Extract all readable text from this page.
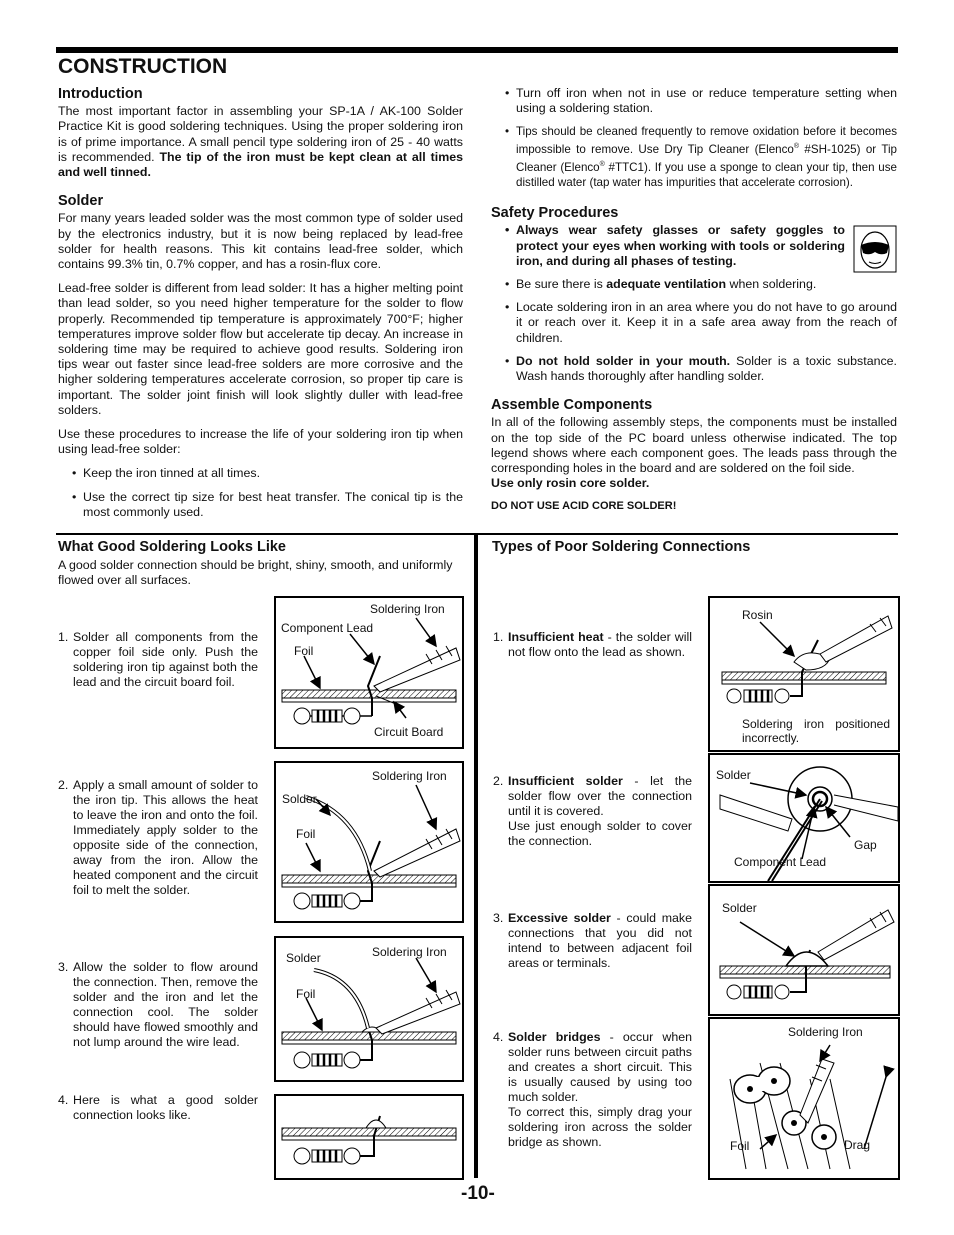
CONSTRUCTION
Introduction

The most important factor in assembling your SP-1A / AK-100 Solder Practice Kit is good soldering techniques. Using the proper soldering iron is of prime importance. A small pencil type soldering iron of 25 - 40 watts is recommended. The tip of the iron must be kept clean at all times and well tinned.

Solder

For many years leaded solder was the most common type of solder used by the electronics industry, but it is now being replaced by lead-free solder for health reasons. This kit contains lead-free solder, which contains 99.3% tin, 0.7% copper, and has a rosin-flux core.

Lead-free solder is different from lead solder: It has a higher melting point than lead solder, so you need higher temperature for the solder to flow properly. Recommended tip temperature is approximately 700°F; higher temperatures improve solder flow but accelerate tip decay. An increase in soldering time may be required to achieve good results. Soldering iron tips wear out faster since lead-free solders are more corrosive and the higher soldering temperatures accelerate corrosion, so proper tip care is important. The solder joint finish will look slightly duller with lead-free solders.

Use these procedures to increase the life of your soldering iron tip when using lead-free solder:

• Keep the iron tinned at all times.
• Use the correct tip size for best heat transfer. The conical tip is the most commonly used.
• Turn off iron when not in use or reduce temperature setting when using a soldering station.
• Tips should be cleaned frequently to remove oxidation before it becomes impossible to remove. Use Dry Tip Cleaner (Elenco® #SH-1025) or Tip Cleaner (Elenco® #TTC1). If you use a sponge to clean your tip, then use distilled water (tap water has impurities that accelerate corrosion).
Safety Procedures
• Always wear safety glasses or safety goggles to protect your eyes when working with tools or soldering iron, and during all phases of testing.
• Be sure there is adequate ventilation when soldering.
• Locate soldering iron in an area where you do not have to go around it or reach over it. Keep it in a safe area away from the reach of children.
• Do not hold solder in your mouth. Solder is a toxic substance. Wash hands thoroughly after handling solder.
Assemble Components

In all of the following assembly steps, the components must be installed on the top side of the PC board unless otherwise indicated. The top legend shows where each component goes. The leads pass through the corresponding holes in the board and are soldered on the foil side.
Use only rosin core solder.

DO NOT USE ACID CORE SOLDER!

What Good Soldering Looks Like
A good solder connection should be bright, shiny, smooth, and uniformly flowed over all surfaces.
1. Solder all components from the copper foil side only. Push the soldering iron tip against both the lead and the circuit board foil.
2. Apply a small amount of solder to the iron tip. This allows the heat to leave the iron and onto the foil. Immediately apply solder to the opposite side of the connection, away from the iron. Allow the heated component and the circuit foil to melt the solder.
3. Allow the solder to flow around the connection. Then, remove the solder and the iron and let the connection cool. The solder should have flowed smoothly and not lump around the wire lead.
4. Here is what a good solder connection looks like.
Soldering Iron
Component Lead
Foil
Circuit Board
Soldering Iron
Solder
Foil
Solder	Soldering Iron
Foil
Types of Poor Soldering Connections
1. Insufficient heat - the solder will not flow onto the lead as shown.
2. Insufficient solder - let the solder flow over the connection until it is covered.
Use just enough solder to cover the connection.
3. Excessive solder - could make connections that you did not intend to between adjacent foil areas or terminals.
4. Solder bridges - occur when solder runs between circuit paths and creates a short circuit. This is usually caused by using too much solder.
To correct this, simply drag your soldering iron across the solder bridge as shown.
Rosin
Soldering iron positioned incorrectly.
Solder
Gap
Component Lead
Solder
Soldering Iron
Foil	Drag
-10-
